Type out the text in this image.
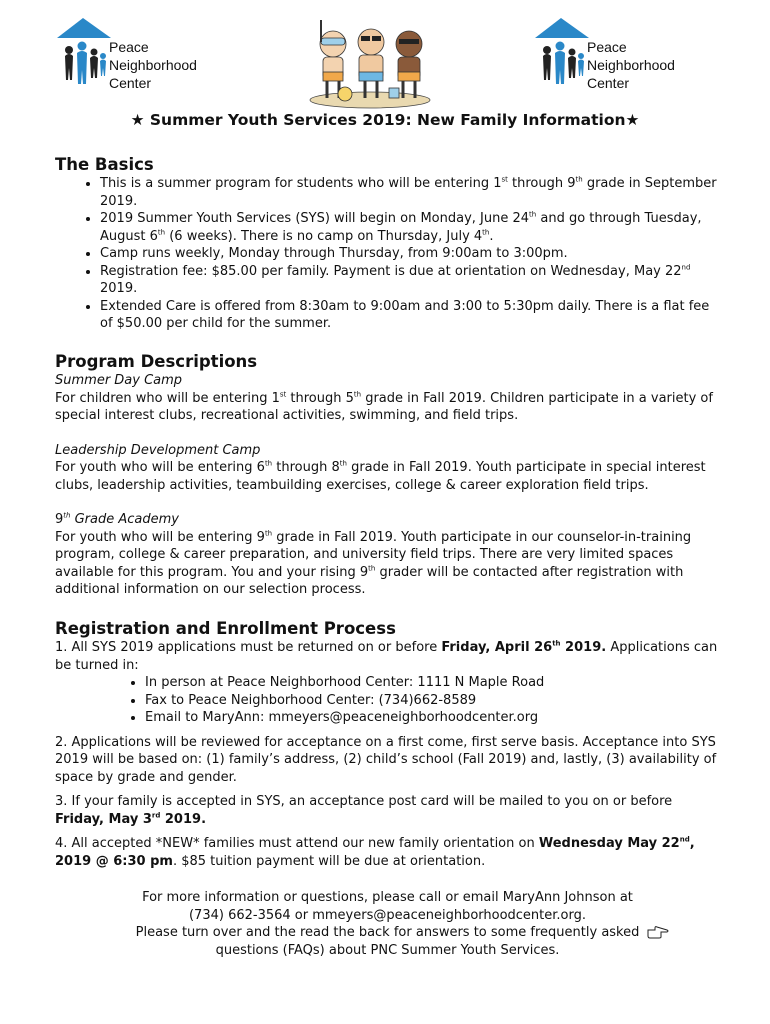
Peace
Neighborhood
Center
Peace
Neighborhood
Center
★ Summer Youth Services 2019: New Family Information★
The Basics
• This is a summer program for students who will be entering 1st through 9th grade in September 2019.
• 2019 Summer Youth Services (SYS) will begin on Monday, June 24th and go through Tuesday, August 6th (6 weeks). There is no camp on Thursday, July 4th.
• Camp runs weekly, Monday through Thursday, from 9:00am to 3:00pm.
• Registration fee: $85.00 per family. Payment is due at orientation on Wednesday, May 22nd 2019.
• Extended Care is offered from 8:30am to 9:00am and 3:00 to 5:30pm daily. There is a flat fee of $50.00 per child for the summer.
Program Descriptions

Summer Day Camp

For children who will be entering 1st through 5th grade in Fall 2019. Children participate in a variety of special interest clubs, recreational activities, swimming, and field trips.

Leadership Development Camp

For youth who will be entering 6th through 8th grade in Fall 2019. Youth participate in special interest clubs, leadership activities, teambuilding exercises, college & career exploration field trips.

9th Grade Academy

For youth who will be entering 9th grade in Fall 2019. Youth participate in our counselor-in-training program, college & career preparation, and university field trips. There are very limited spaces available for this program. You and your rising 9th grader will be contacted after registration with additional information on our selection process.

Registration and Enrollment Process

1. All SYS 2019 applications must be returned on or before Friday, April 26th 2019. Applications can be turned in:

• In person at Peace Neighborhood Center: 1111 N Maple Road
• Fax to Peace Neighborhood Center: (734)662-8589
• Email to MaryAnn: mmeyers@peaceneighborhoodcenter.org

2. Applications will be reviewed for acceptance on a first come, first serve basis. Acceptance into SYS 2019 will be based on: (1) family’s address, (2) child’s school (Fall 2019) and, lastly, (3) availability of space by grade and gender.

3. If your family is accepted in SYS, an acceptance post card will be mailed to you on or before Friday, May 3rd 2019.

4. All accepted *NEW* families must attend our new family orientation on Wednesday May 22nd, 2019 @ 6:30 pm. $85 tuition payment will be due at orientation.

For more information or questions, please call or email MaryAnn Johnson at
(734) 662-3564 or mmeyers@peaceneighborhoodcenter.org.
Please turn over and the read the back for answers to some frequently asked
questions (FAQs) about PNC Summer Youth Services.
